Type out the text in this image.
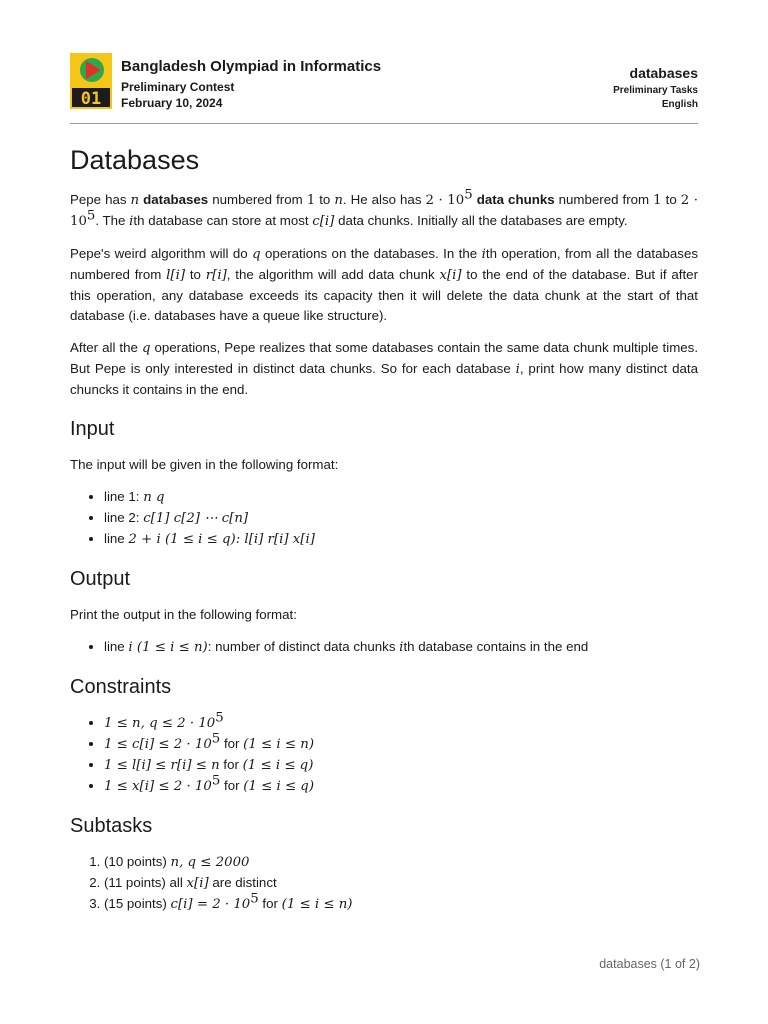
01
Bangladesh Olympiad in Informatics
Preliminary Contest
February 10, 2024
databases
Preliminary Tasks
English
Databases

Pepe has n databases numbered from 1 to n. He also has $2 \cdot 10^5$ data chunks numbered from 1 to $2 \cdot 10^5$. The ith database can store at most c[i] data chunks. Initially all the databases are empty.

Pepe's weird algorithm will do q operations on the databases. In the ith operation, from all the databases numbered from l[i] to r[i], the algorithm will add data chunk x[i] to the end of the database. But if after this operation, any database exceeds its capacity then it will delete the data chunk at the start of that database (i.e. databases have a queue like structure).

After all the q operations, Pepe realizes that some databases contain the same data chunk multiple times. But Pepe is only interested in distinct data chunks. So for each database i, print how many distinct data chuncks it contains in the end.

Input

The input will be given in the following format:

• line 1: n q
• line 2: c[1] c[2] ⋯ c[n]
• line 2 + i (1 ≤ i ≤ q): l[i] r[i] x[i]
Output

Print the output in the following format:

• line i (1 ≤ i ≤ n): number of distinct data chunks ith database contains in the end
Constraints
• 1 ≤ n, $q \le 2 \cdot 10^5$
• $1 \le c[i] \le 2 \cdot 10^5$ for (1 ≤ i ≤ n)
• 1 ≤ l[i] ≤ r[i] ≤ n for (1 ≤ i ≤ q)
• $1 \le x[i] \le 2 \cdot 10^5$ for (1 ≤ i ≤ q)
Subtasks
1. (10 points) n, q ≤ 2000
2. (11 points) all x[i] are distinct
3. (15 points) $c[i] = 2 \cdot 10^5$ for (1 ≤ i ≤ n)
databases (1 of 2)
